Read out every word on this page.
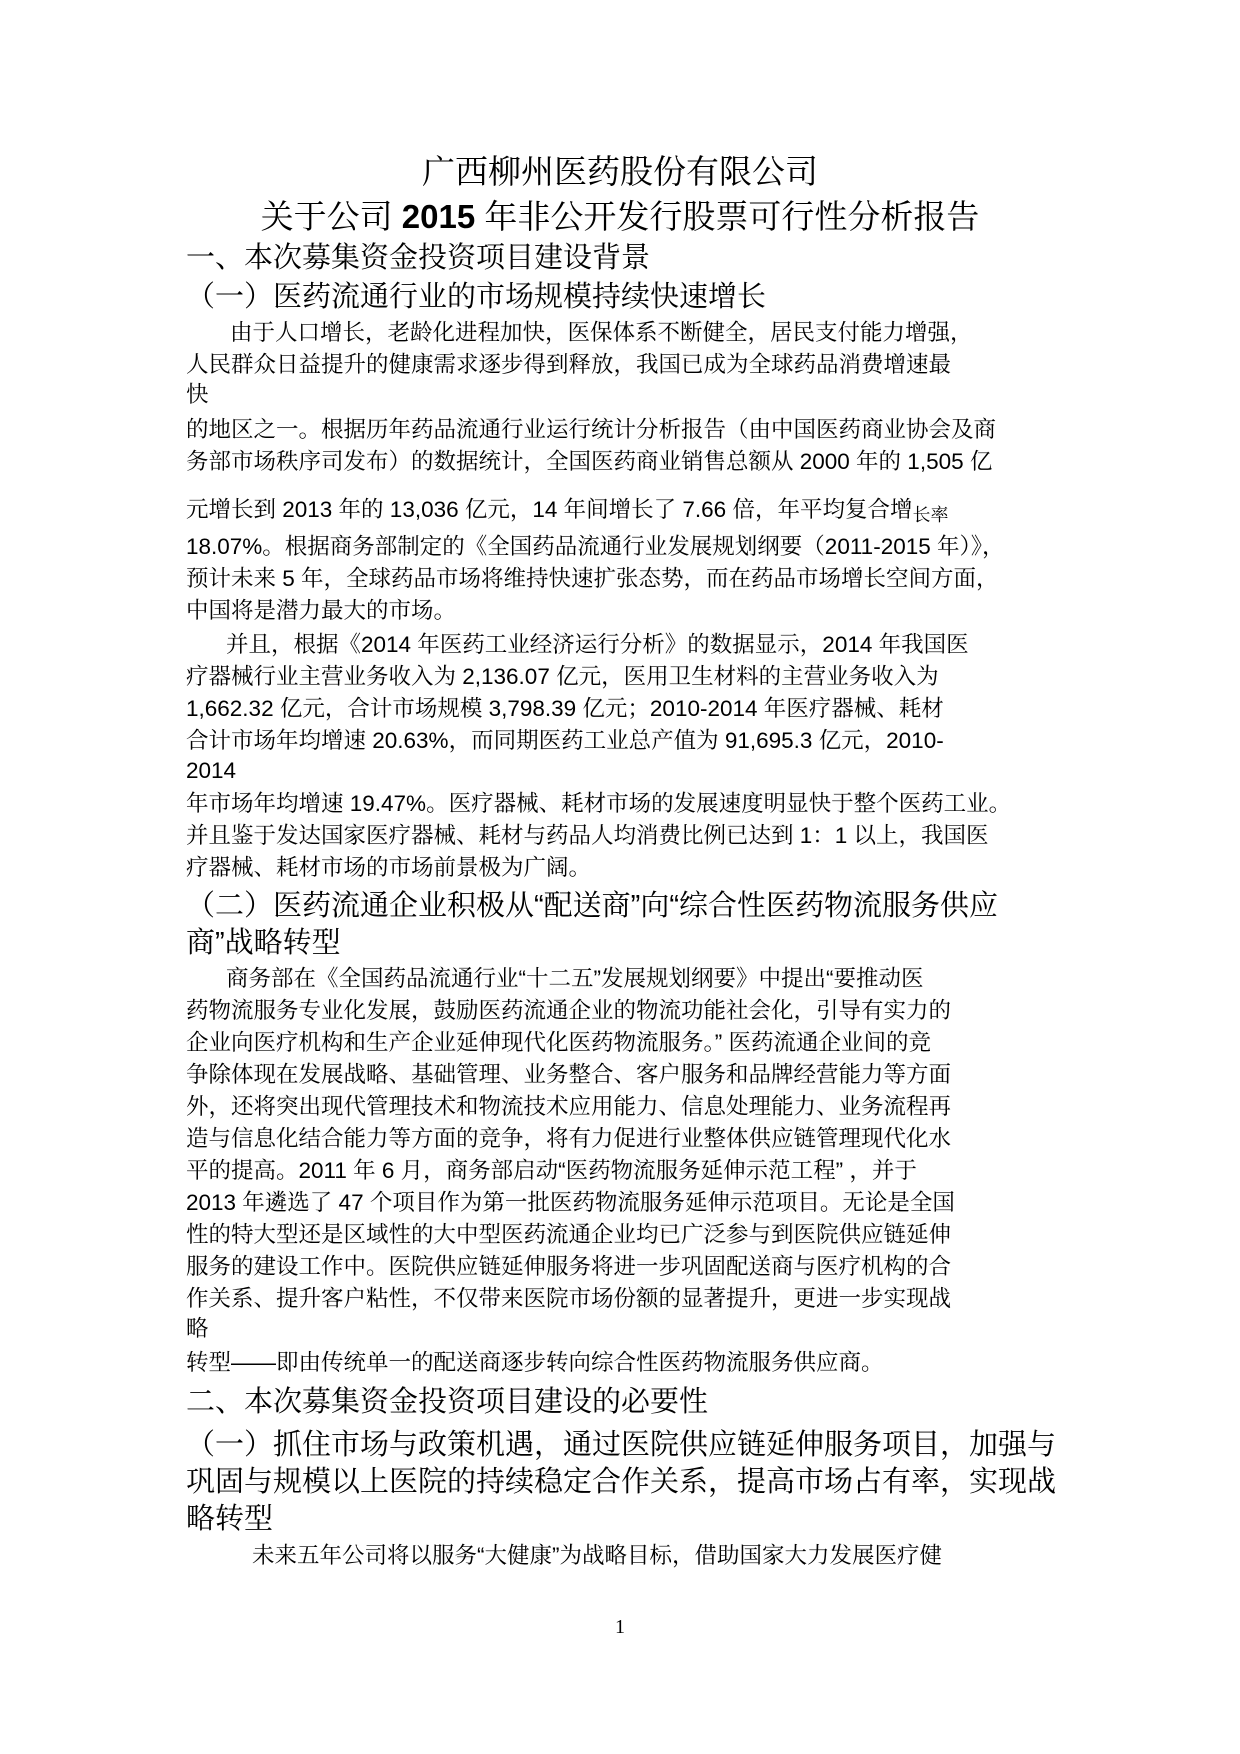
广西柳州医药股份有限公司
关于公司 2015 年非公开发行股票可行性分析报告
一、本次募集资金投资项目建设背景
（一）医药流通行业的市场规模持续快速增长
由于人口增长，老龄化进程加快，医保体系不断健全，居民支付能力增强，
人民群众日益提升的健康需求逐步得到释放，我国已成为全球药品消费增速最
快
的地区之一。根据历年药品流通行业运行统计分析报告（由中国医药商业协会及商
务部市场秩序司发布）的数据统计，全国医药商业销售总额从 2000 年的 1,505 亿
元增长到 2013 年的 13,036 亿元，14 年间增长了 7.66 倍，年平均复合增$_{长率}$
18.07%。根据商务部制定的《全国药品流通行业发展规划纲要（2011-2015 年）》，
预计未来 5 年，全球药品市场将维持快速扩张态势，而在药品市场增长空间方面，
中国将是潜力最大的市场。
并且，根据《2014 年医药工业经济运行分析》的数据显示，2014 年我国医
疗器械行业主营业务收入为 2,136.07 亿元，医用卫生材料的主营业务收入为
1,662.32 亿元，合计市场规模 3,798.39 亿元；2010-2014 年医疗器械、耗材
合计市场年均增速 20.63%，而同期医药工业总产值为 91,695.3 亿元，2010-
2014
年市场年均增速 19.47%。医疗器械、耗材市场的发展速度明显快于整个医药工业。
并且鉴于发达国家医疗器械、耗材与药品人均消费比例已达到 1：1 以上，我国医
疗器械、耗材市场的市场前景极为广阔。
（二）医药流通企业积极从“配送商”向“综合性医药物流服务供应
商”战略转型
商务部在《全国药品流通行业“十二五”发展规划纲要》中提出“要推动医
药物流服务专业化发展，鼓励医药流通企业的物流功能社会化，引导有实力的
企业向医疗机构和生产企业延伸现代化医药物流服务。” 医药流通企业间的竞
争除体现在发展战略、基础管理、业务整合、客户服务和品牌经营能力等方面
外，还将突出现代管理技术和物流技术应用能力、信息处理能力、业务流程再
造与信息化结合能力等方面的竞争，将有力促进行业整体供应链管理现代化水
平的提高。2011 年 6 月，商务部启动“医药物流服务延伸示范工程” ，并于
2013 年遴选了 47 个项目作为第一批医药物流服务延伸示范项目。无论是全国
性的特大型还是区域性的大中型医药流通企业均已广泛参与到医院供应链延伸
服务的建设工作中。医院供应链延伸服务将进一步巩固配送商与医疗机构的合
作关系、提升客户粘性，不仅带来医院市场份额的显著提升，更进一步实现战
略
转型——即由传统单一的配送商逐步转向综合性医药物流服务供应商。
二、本次募集资金投资项目建设的必要性
（一）抓住市场与政策机遇，通过医院供应链延伸服务项目，加强与
巩固与规模以上医院的持续稳定合作关系，提高市场占有率，实现战
略转型
未来五年公司将以服务“大健康”为战略目标，借助国家大力发展医疗健
1
